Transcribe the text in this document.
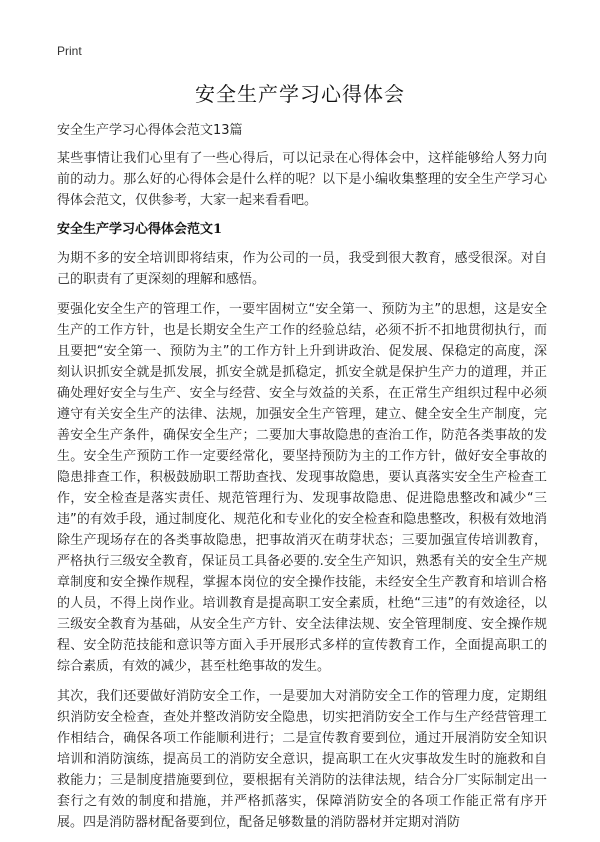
Print
安全生产学习心得体会
安全生产学习心得体会范文13篇

某些事情让我们心里有了一些心得后，可以记录在心得体会中，这样能够给人努力向前的动力。那么好的心得体会是什么样的呢？以下是小编收集整理的安全生产学习心得体会范文，仅供参考，大家一起来看看吧。

安全生产学习心得体会范文1

为期不多的安全培训即将结束，作为公司的一员，我受到很大教育，感受很深。对自己的职责有了更深刻的理解和感悟。

要强化安全生产的管理工作，一要牢固树立“安全第一、预防为主”的思想，这是安全生产的工作方针，也是长期安全生产工作的经验总结，必须不折不扣地贯彻执行，而且要把“安全第一、预防为主”的工作方针上升到讲政治、促发展、保稳定的高度，深刻认识抓安全就是抓发展，抓安全就是抓稳定，抓安全就是保护生产力的道理，并正确处理好安全与生产、安全与经营、安全与效益的关系，在正常生产组织过程中必须遵守有关安全生产的法律、法规，加强安全生产管理，建立、健全安全生产制度，完善安全生产条件，确保安全生产；二要加大事故隐患的查治工作，防范各类事故的发生。安全生产预防工作一定要经常化，要坚持预防为主的工作方针，做好安全事故的隐患排查工作，积极鼓励职工帮助查找、发现事故隐患，要认真落实安全生产检查工作，安全检查是落实责任、规范管理行为、发现事故隐患、促进隐患整改和减少“三违”的有效手段，通过制度化、规范化和专业化的安全检查和隐患整改，积极有效地消除生产现场存在的各类事故隐患，把事故消灭在萌芽状态；三要加强宣传培训教育，严格执行三级安全教育，保证员工具备必要的.安全生产知识，熟悉有关的安全生产规章制度和安全操作规程，掌握本岗位的安全操作技能，未经安全生产教育和培训合格的人员，不得上岗作业。培训教育是提高职工安全素质，杜绝“三违”的有效途径，以三级安全教育为基础，从安全生产方针、安全法律法规、安全管理制度、安全操作规程、安全防范技能和意识等方面入手开展形式多样的宣传教育工作，全面提高职工的综合素质，有效的减少，甚至杜绝事故的发生。

其次，我们还要做好消防安全工作，一是要加大对消防安全工作的管理力度，定期组织消防安全检查，查处并整改消防安全隐患，切实把消防安全工作与生产经营管理工作相结合，确保各项工作能顺利进行；二是宣传教育要到位，通过开展消防安全知识培训和消防演练，提高员工的消防安全意识，提高职工在火灾事故发生时的施救和自救能力；三是制度措施要到位，要根据有关消防的法律法规，结合分厂实际制定出一套行之有效的制度和措施，并严格抓落实，保障消防安全的各项工作能正常有序开展。四是消防器材配备要到位，配备足够数量的消防器材并定期对消防
